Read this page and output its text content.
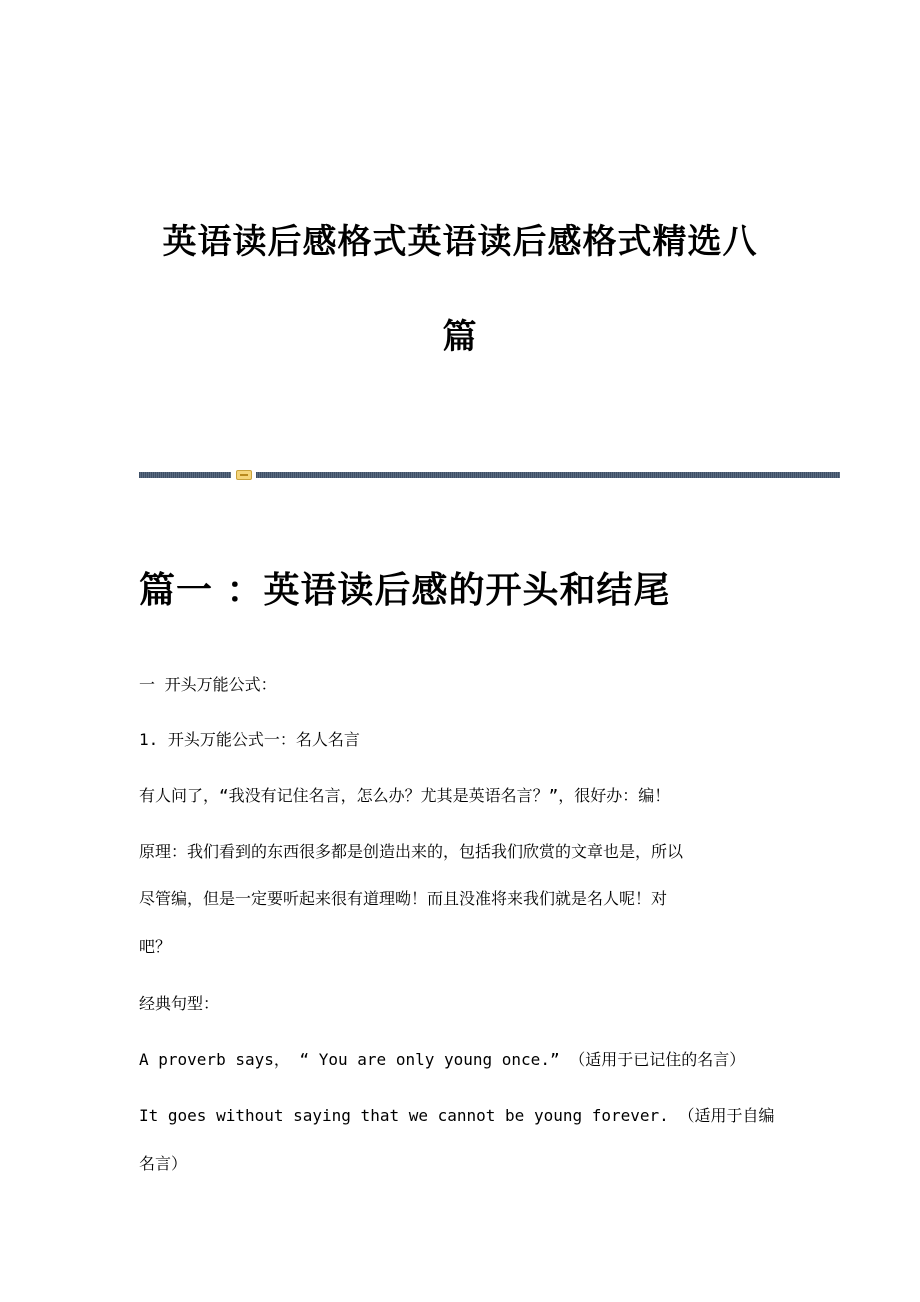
英语读后感格式英语读后感格式精选八
篇
篇一 ：英语读后感的开头和结尾

一 开头万能公式：

1. 开头万能公式一：名人名言

有人问了，“我没有记住名言，怎么办？尤其是英语名言？”，很好办：编！

原理：我们看到的东西很多都是创造出来的，包括我们欣赏的文章也是，所以

尽管编，但是一定要听起来很有道理呦！而且没准将来我们就是名人呢！对

吧？

经典句型：

A proverb says， “ You are only young once.” （适用于已记住的名言）

It goes without saying that we cannot be young forever. （适用于自编

名言）
